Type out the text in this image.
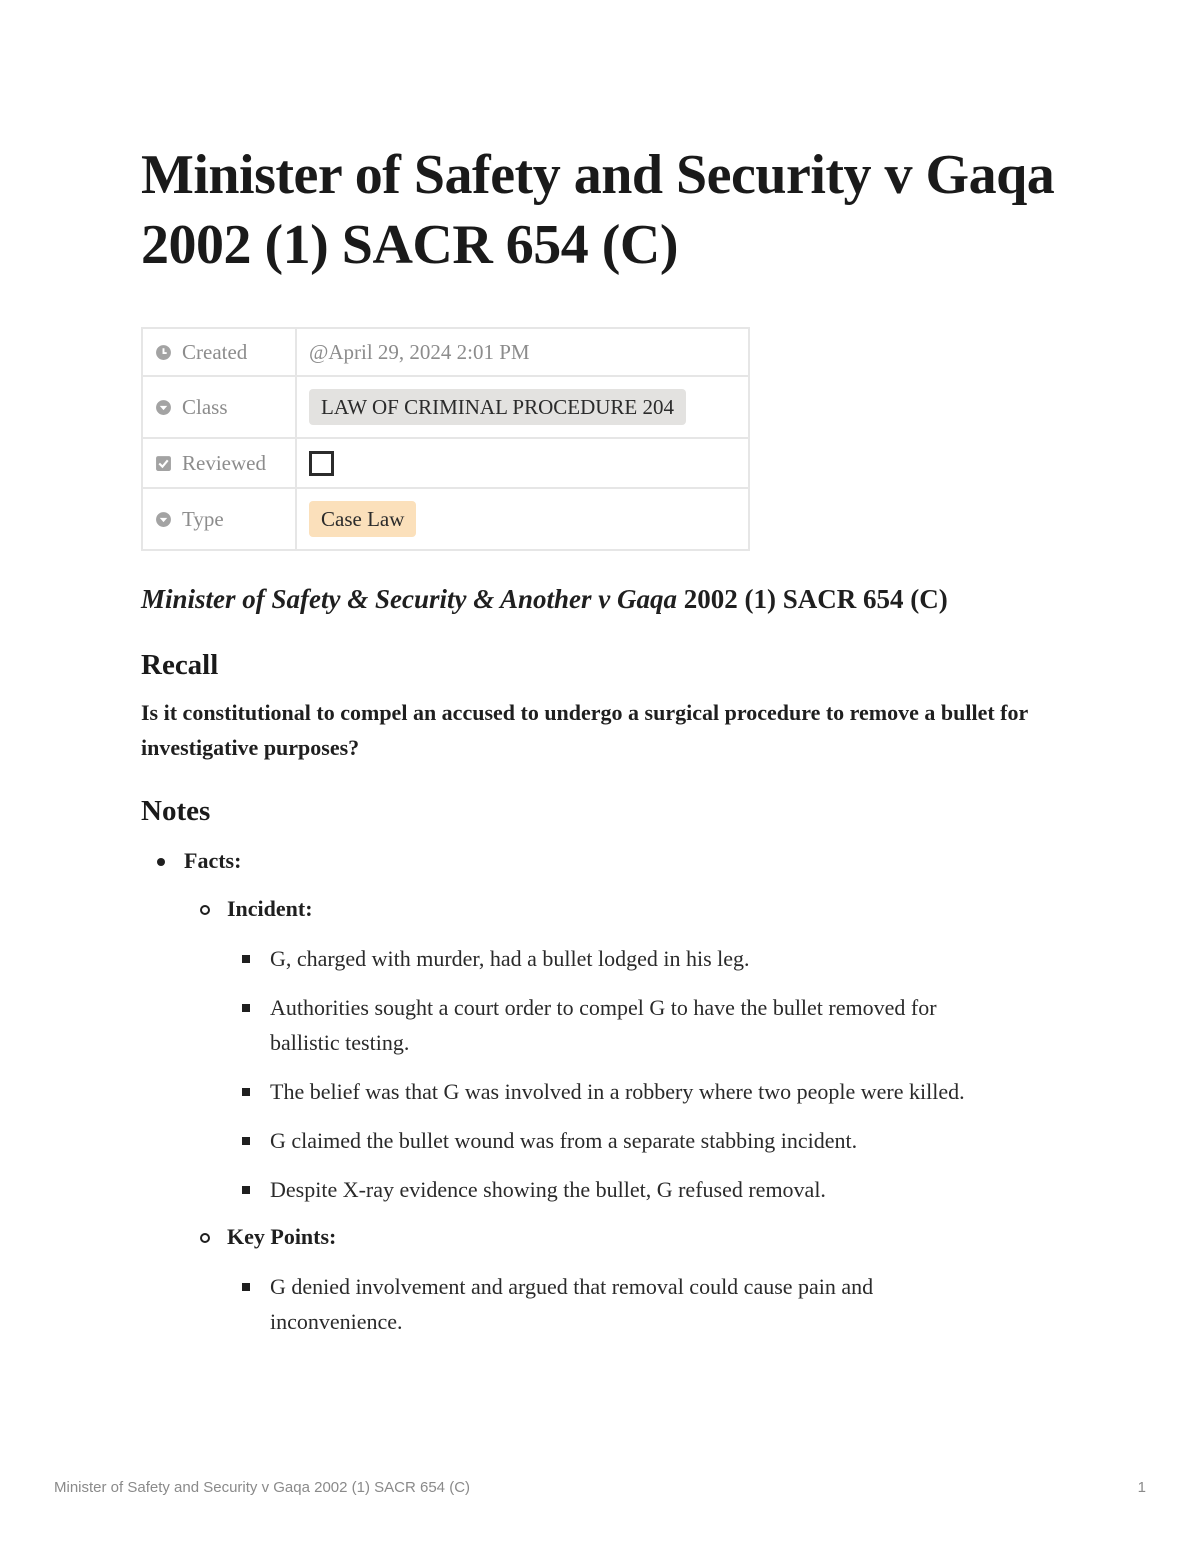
Minister of Safety and Security v Gaqa 2002 (1) SACR 654 (C)
Created	@April 29, 2024 2:01 PM
Class	LAW OF CRIMINAL PROCEDURE 204
Reviewed	
Type	Case Law
Minister of Safety & Security & Another v Gaqa 2002 (1) SACR 654 (C)
Recall
Is it constitutional to compel an accused to undergo a surgical procedure to remove a bullet for investigative purposes?
Notes
Facts:
Incident:
G, charged with murder, had a bullet lodged in his leg.
Authorities sought a court order to compel G to have the bullet removed for ballistic testing.
The belief was that G was involved in a robbery where two people were killed.
G claimed the bullet wound was from a separate stabbing incident.
Despite X-ray evidence showing the bullet, G refused removal.
Key Points:
G denied involvement and argued that removal could cause pain and inconvenience.
Minister of Safety and Security v Gaqa 2002 (1) SACR 654 (C)	1
